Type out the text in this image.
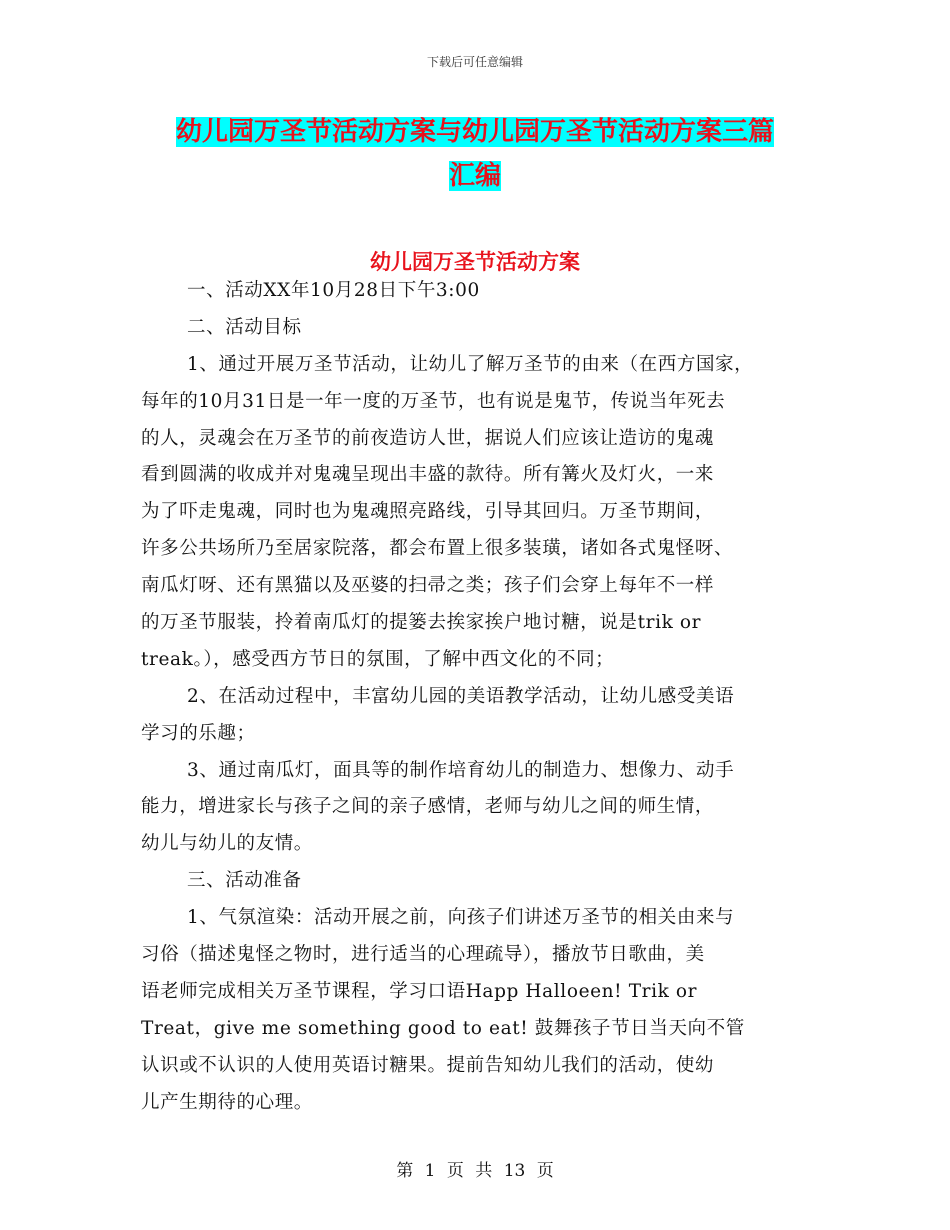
下载后可任意编辑
幼儿园万圣节活动方案与幼儿园万圣节活动方案三篇
汇编
幼儿园万圣节活动方案
一、活动XX年10月28日下午3:00
二、活动目标
1、通过开展万圣节活动，让幼儿了解万圣节的由来（在西方国家，
每年的10月31日是一年一度的万圣节，也有说是鬼节，传说当年死去
的人，灵魂会在万圣节的前夜造访人世，据说人们应该让造访的鬼魂
看到圆满的收成并对鬼魂呈现出丰盛的款待。所有篝火及灯火，一来
为了吓走鬼魂，同时也为鬼魂照亮路线，引导其回归。万圣节期间，
许多公共场所乃至居家院落，都会布置上很多装璜，诸如各式鬼怪呀、
南瓜灯呀、还有黑猫以及巫婆的扫帚之类；孩子们会穿上每年不一样
的万圣节服装，拎着南瓜灯的提篓去挨家挨户地讨糖，说是trik or
treak。），感受西方节日的氛围，了解中西文化的不同；
2、在活动过程中，丰富幼儿园的美语教学活动，让幼儿感受美语
学习的乐趣；
3、通过南瓜灯，面具等的制作培育幼儿的制造力、想像力、动手
能力，增进家长与孩子之间的亲子感情，老师与幼儿之间的师生情，
幼儿与幼儿的友情。
三、活动准备
1、气氛渲染：活动开展之前，向孩子们讲述万圣节的相关由来与
习俗（描述鬼怪之物时，进行适当的心理疏导），播放节日歌曲，美
语老师完成相关万圣节课程，学习口语Happ Halloeen! Trik or
Treat，give me something good to eat! 鼓舞孩子节日当天向不管
认识或不认识的人使用英语讨糖果。提前告知幼儿我们的活动，使幼
儿产生期待的心理。
第 1 页 共 13 页
